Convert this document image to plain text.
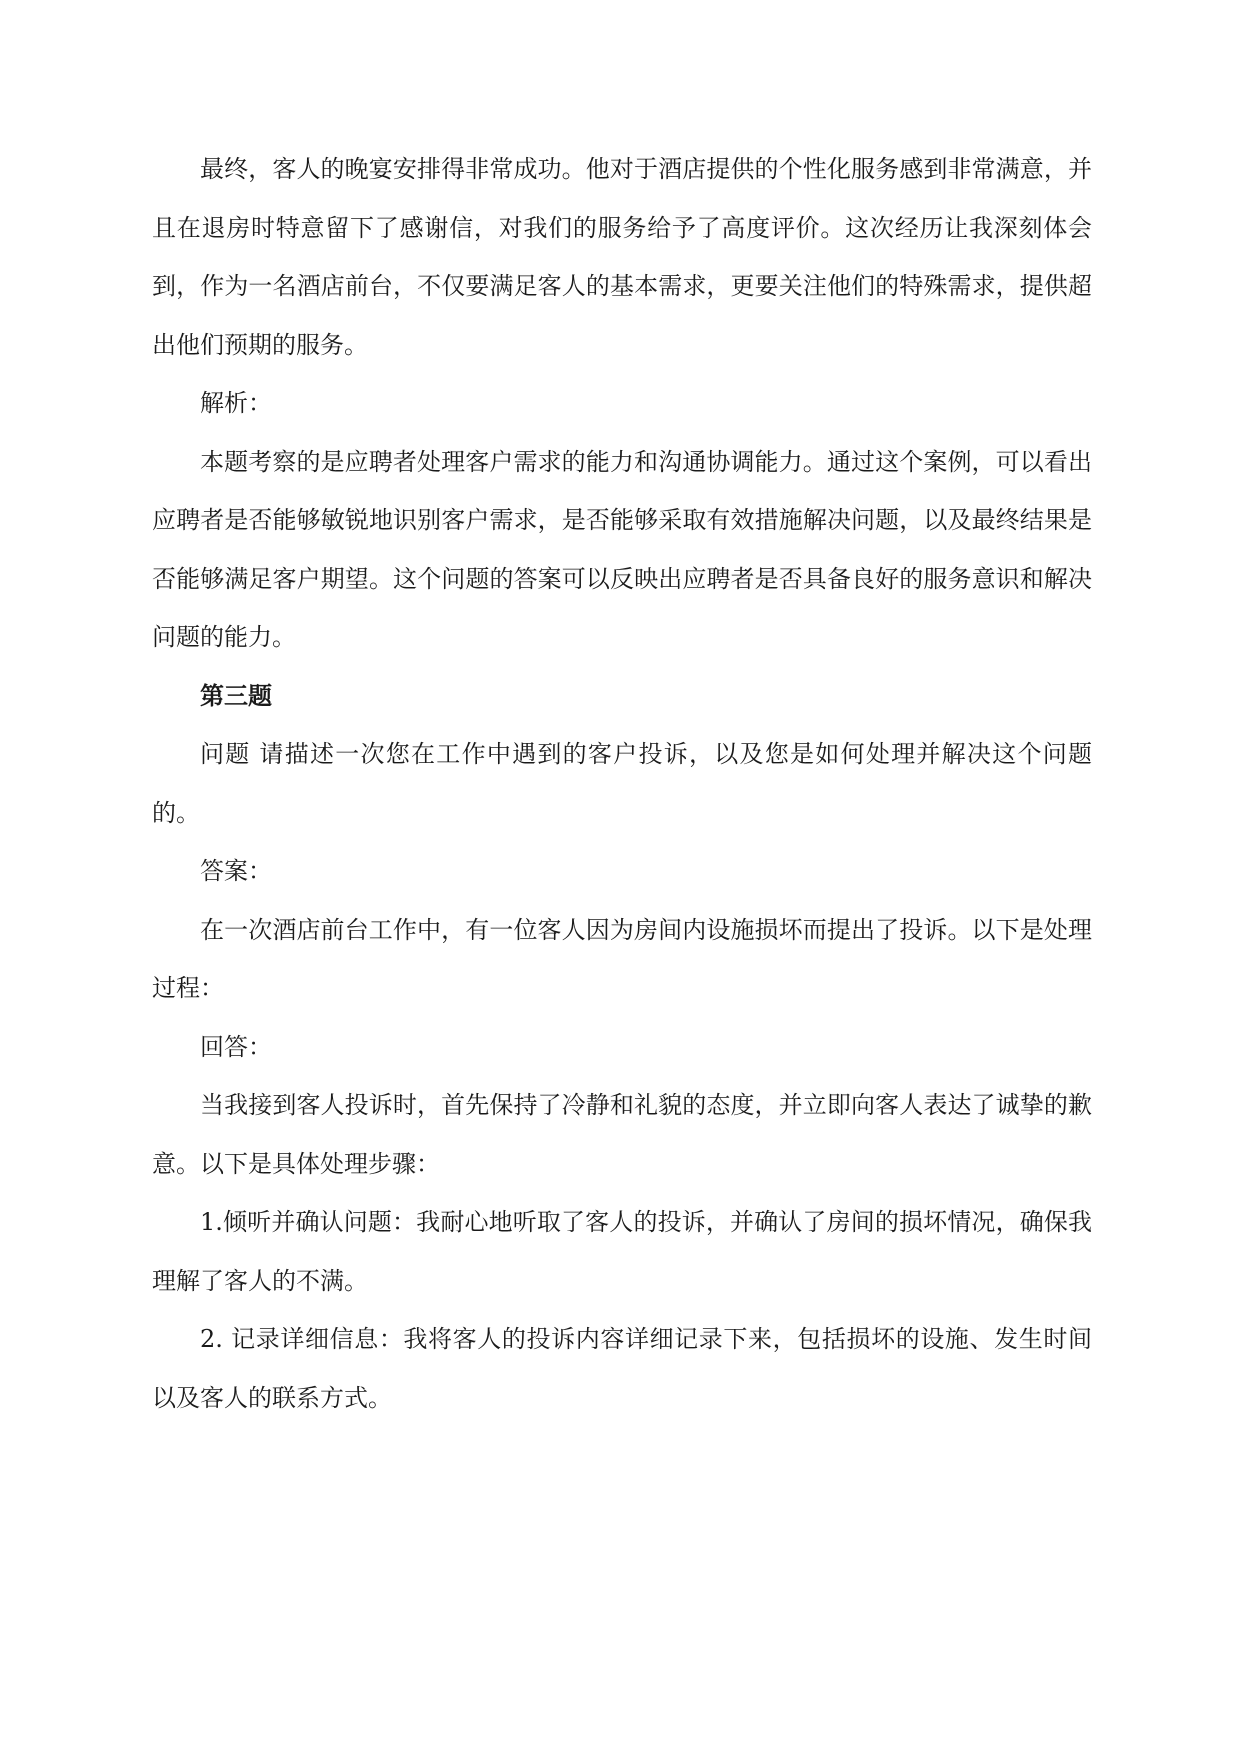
最终，客人的晚宴安排得非常成功。他对于酒店提供的个性化服务感到非常满意，并且在退房时特意留下了感谢信，对我们的服务给予了高度评价。这次经历让我深刻体会到，作为一名酒店前台，不仅要满足客人的基本需求，更要关注他们的特殊需求，提供超出他们预期的服务。

解析：

本题考察的是应聘者处理客户需求的能力和沟通协调能力。通过这个案例，可以看出应聘者是否能够敏锐地识别客户需求，是否能够采取有效措施解决问题，以及最终结果是否能够满足客户期望。这个问题的答案可以反映出应聘者是否具备良好的服务意识和解决问题的能力。

第三题

问题 请描述一次您在工作中遇到的客户投诉，以及您是如何处理并解决这个问题的。

答案：

在一次酒店前台工作中，有一位客人因为房间内设施损坏而提出了投诉。以下是处理过程：

回答：

当我接到客人投诉时，首先保持了冷静和礼貌的态度，并立即向客人表达了诚挚的歉意。以下是具体处理步骤：

1.倾听并确认问题：我耐心地听取了客人的投诉，并确认了房间的损坏情况，确保我理解了客人的不满。

2. 记录详细信息：我将客人的投诉内容详细记录下来，包括损坏的设施、发生时间以及客人的联系方式。
